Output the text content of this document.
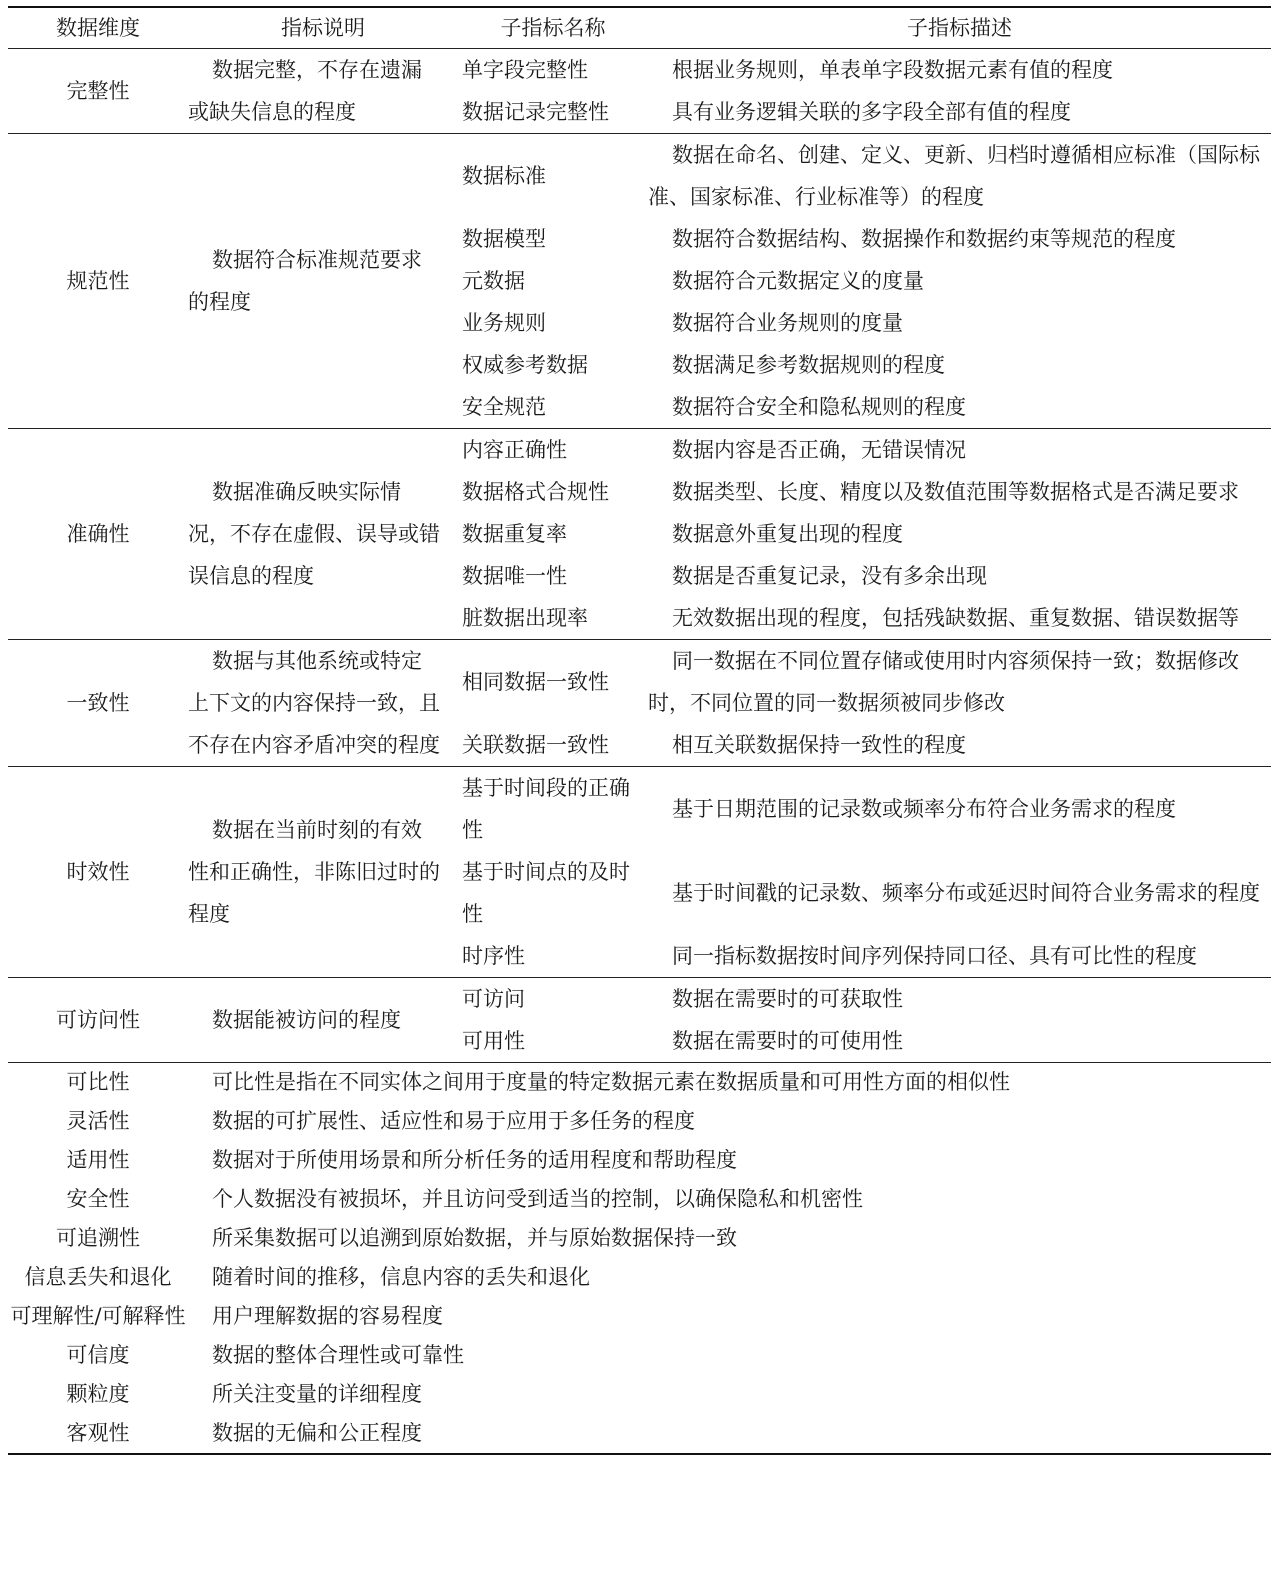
数据维度	指标说明	子指标名称	子指标描述
完整性	数据完整，不存在遗漏或缺失信息的程度	单字段完整性	根据业务规则，单表单字段数据元素有值的程度
		数据记录完整性	具有业务逻辑关联的多字段全部有值的程度
规范性	数据符合标准规范要求的程度	数据标准	数据在命名、创建、定义、更新、归档时遵循相应标准（国际标准、国家标准、行业标准等）的程度
		数据模型	数据符合数据结构、数据操作和数据约束等规范的程度
		元数据	数据符合元数据定义的度量
		业务规则	数据符合业务规则的度量
		权威参考数据	数据满足参考数据规则的程度
		安全规范	数据符合安全和隐私规则的程度
准确性	数据准确反映实际情况，不存在虚假、误导或错误信息的程度	内容正确性	数据内容是否正确，无错误情况
		数据格式合规性	数据类型、长度、精度以及数值范围等数据格式是否满足要求
		数据重复率	数据意外重复出现的程度
		数据唯一性	数据是否重复记录，没有多余出现
		脏数据出现率	无效数据出现的程度，包括残缺数据、重复数据、错误数据等
一致性	数据与其他系统或特定上下文的内容保持一致，且不存在内容矛盾冲突的程度	相同数据一致性	同一数据在不同位置存储或使用时内容须保持一致；数据修改时，不同位置的同一数据须被同步修改
		关联数据一致性	相互关联数据保持一致性的程度
时效性	数据在当前时刻的有效性和正确性，非陈旧过时的程度	基于时间段的正确性	基于日期范围的记录数或频率分布符合业务需求的程度
		基于时间点的及时性	基于时间戳的记录数、频率分布或延迟时间符合业务需求的程度
		时序性	同一指标数据按时间序列保持同口径、具有可比性的程度
可访问性	数据能被访问的程度	可访问	数据在需要时的可获取性
		可用性	数据在需要时的可使用性
可比性	可比性是指在不同实体之间用于度量的特定数据元素在数据质量和可用性方面的相似性		
灵活性	数据的可扩展性、适应性和易于应用于多任务的程度		
适用性	数据对于所使用场景和所分析任务的适用程度和帮助程度		
安全性	个人数据没有被损坏，并且访问受到适当的控制，以确保隐私和机密性		
可追溯性	所采集数据可以追溯到原始数据，并与原始数据保持一致		
信息丢失和退化	随着时间的推移，信息内容的丢失和退化		
可理解性/可解释性	用户理解数据的容易程度		
可信度	数据的整体合理性或可靠性		
颗粒度	所关注变量的详细程度		
客观性	数据的无偏和公正程度		
